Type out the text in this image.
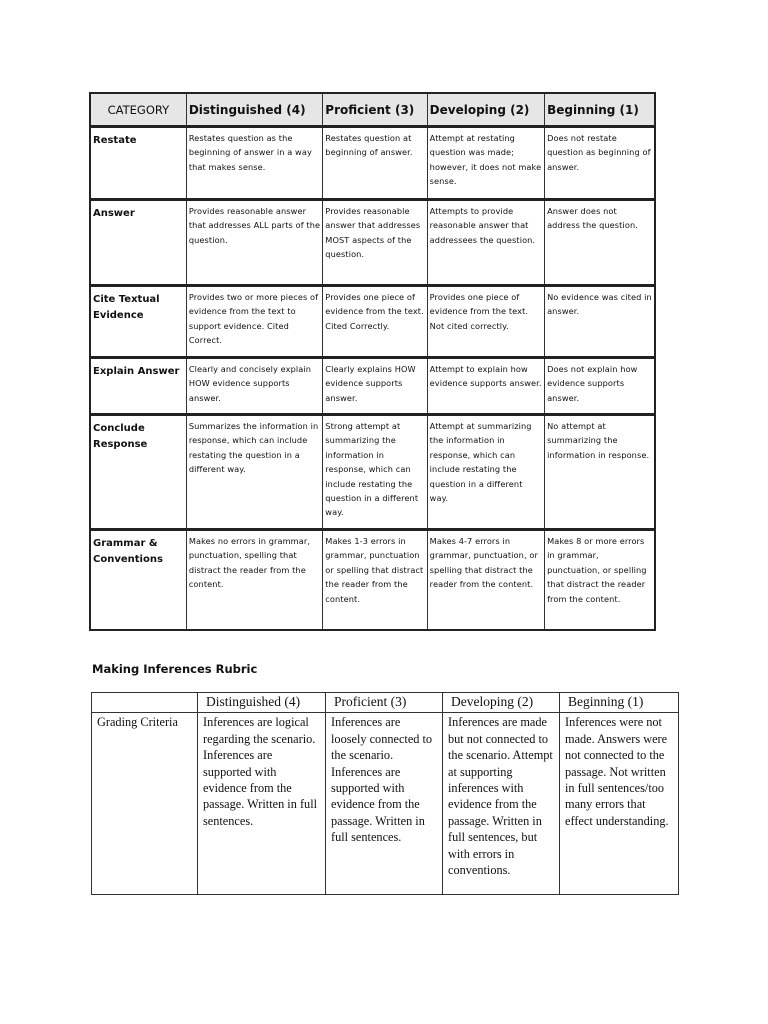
CATEGORY	Distinguished (4)	Proficient (3)	Developing (2)	Beginning (1)
Restate	Restates question as the beginning of answer in a way that makes sense.	Restates question at beginning of answer.	Attempt at restating question was made; however, it does not make sense.	Does not restate question as beginning of answer.
Answer	Provides reasonable answer that addresses ALL parts of the question.	Provides reasonable answer that addresses MOST aspects of the question.	Attempts to provide reasonable answer that addressees the question.	Answer does not address the question.
Cite Textual Evidence	Provides two or more pieces of evidence from the text to support evidence. Cited Correct.	Provides one piece of evidence from the text. Cited Correctly.	Provides one piece of evidence from the text. Not cited correctly.	No evidence was cited in answer.
Explain Answer	Clearly and concisely explain HOW evidence supports answer.	Clearly explains HOW evidence supports answer.	Attempt to explain how evidence supports answer.	Does not explain how evidence supports answer.
Conclude Response	Summarizes the information in response, which can include restating the question in a different way.	Strong attempt at summarizing the information in response, which can include restating the question in a different way.	Attempt at summarizing the information in response, which can include restating the question in a different way.	No attempt at summarizing the information in response.
Grammar & Conventions	Makes no errors in grammar, punctuation, spelling that distract the reader from the content.	Makes 1-3 errors in grammar, punctuation or spelling that distract the reader from the content.	Makes 4-7 errors in grammar, punctuation, or spelling that distract the reader from the content.	Makes 8 or more errors in grammar, punctuation, or spelling that distract the reader from the content.
Making Inferences Rubric
	Distinguished (4)	Proficient (3)	Developing (2)	Beginning (1)
Grading Criteria	Inferences are logical regarding the scenario. Inferences are supported with evidence from the passage. Written in full sentences.	Inferences are loosely connected to the scenario. Inferences are supported with evidence from the passage. Written in full sentences.	Inferences are made but not connected to the scenario. Attempt at supporting inferences with evidence from the passage. Written in full sentences, but with errors in conventions.	Inferences were not made. Answers were not connected to the passage. Not written in full sentences/too many errors that effect understanding.
